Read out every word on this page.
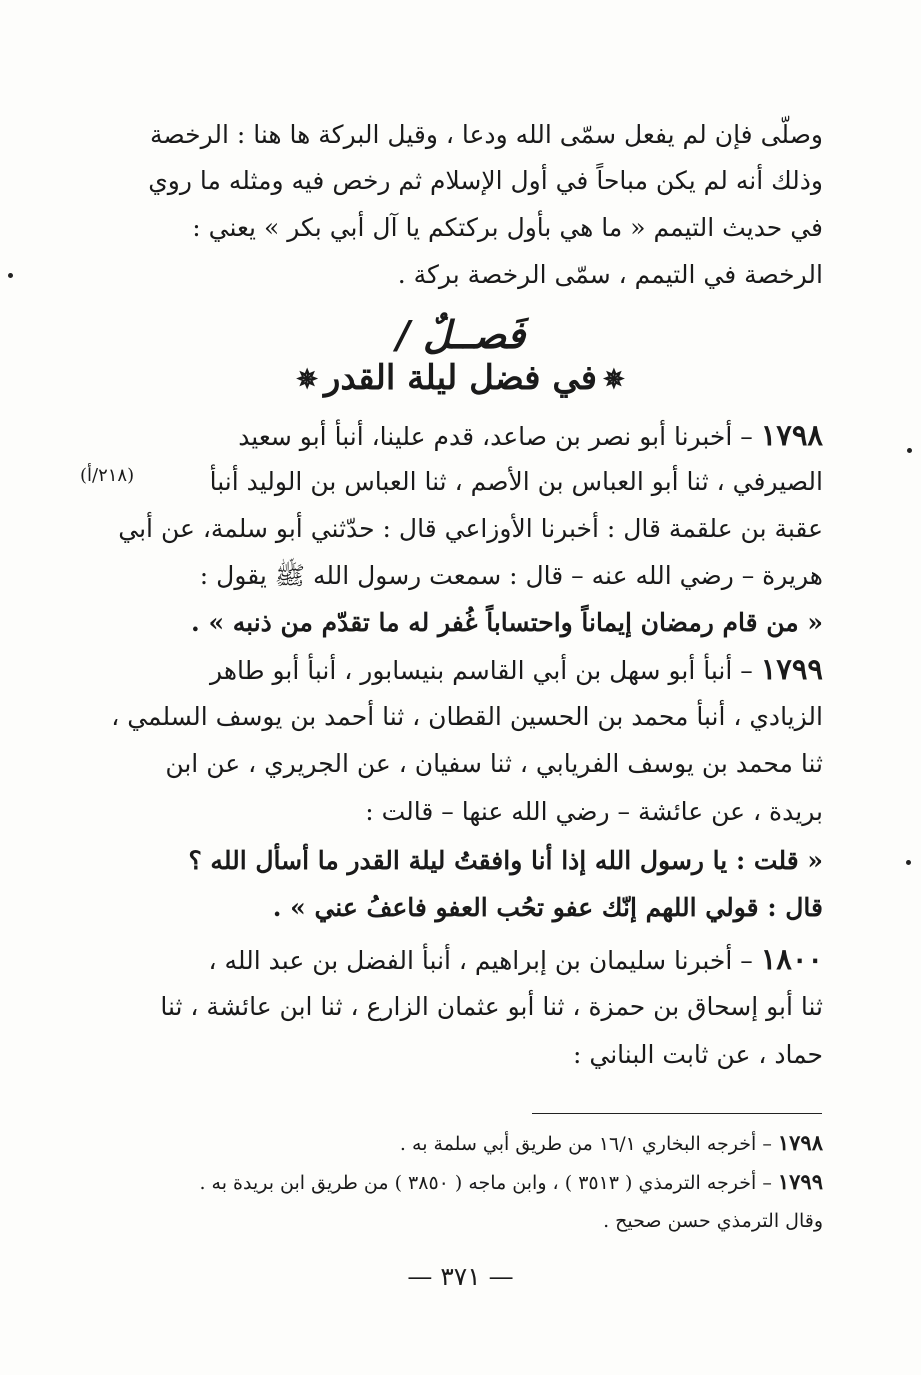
وصلّى فإن لم يفعل سمّى الله ودعا ، وقيل البركة ها هنا : الرخصة
وذلك أنه لم يكن مباحاً في أول الإسلام ثم رخص فيه ومثله ما روي
في حديث التيمم « ما هي بأول بركتكم يا آل أبي بكر » يعني :
الرخصة في التيمم ، سمّى الرخصة بركة .
فَصــلٌ /
✵في فضل ليلة القدر✵
١٧٩٨ – أخبرنا أبو نصر بن صاعد، قدم علينا، أنبأ أبو سعيد
الصيرفي ، ثنا أبو العباس بن الأصم ، ثنا العباس بن الوليد أنبأ
(٢١٨/أ)
عقبة بن علقمة قال : أخبرنا الأوزاعي قال : حدّثني أبو سلمة، عن أبي
هريرة – رضي الله عنه – قال : سمعت رسول الله ﷺ يقول :
« من قام رمضان إيماناً واحتساباً غُفر له ما تقدّم من ذنبه » .
١٧٩٩ – أنبأ أبو سهل بن أبي القاسم بنيسابور ، أنبأ أبو طاهر
الزيادي ، أنبأ محمد بن الحسين القطان ، ثنا أحمد بن يوسف السلمي ،
ثنا محمد بن يوسف الفريابي ، ثنا سفيان ، عن الجريري ، عن ابن
بريدة ، عن عائشة – رضي الله عنها – قالت :
« قلت : يا رسول الله إذا أنا وافقتُ ليلة القدر ما أسأل الله ؟
قال : قولي اللهم إنّك عفو تحُب العفو فاعفُ عني » .
١٨٠٠ – أخبرنا سليمان بن إبراهيم ، أنبأ الفضل بن عبد الله ،
ثنا أبو إسحاق بن حمزة ، ثنا أبو عثمان الزارع ، ثنا ابن عائشة ، ثنا
حماد ، عن ثابت البناني :
١٧٩٨ – أخرجه البخاري ١٦/١ من طريق أبي سلمة به .
١٧٩٩ – أخرجه الترمذي ( ٣٥١٣ ) ، وابن ماجه ( ٣٨٥٠ ) من طريق ابن بريدة به .
وقال الترمذي حسن صحيح .
— ٣٧١ —
